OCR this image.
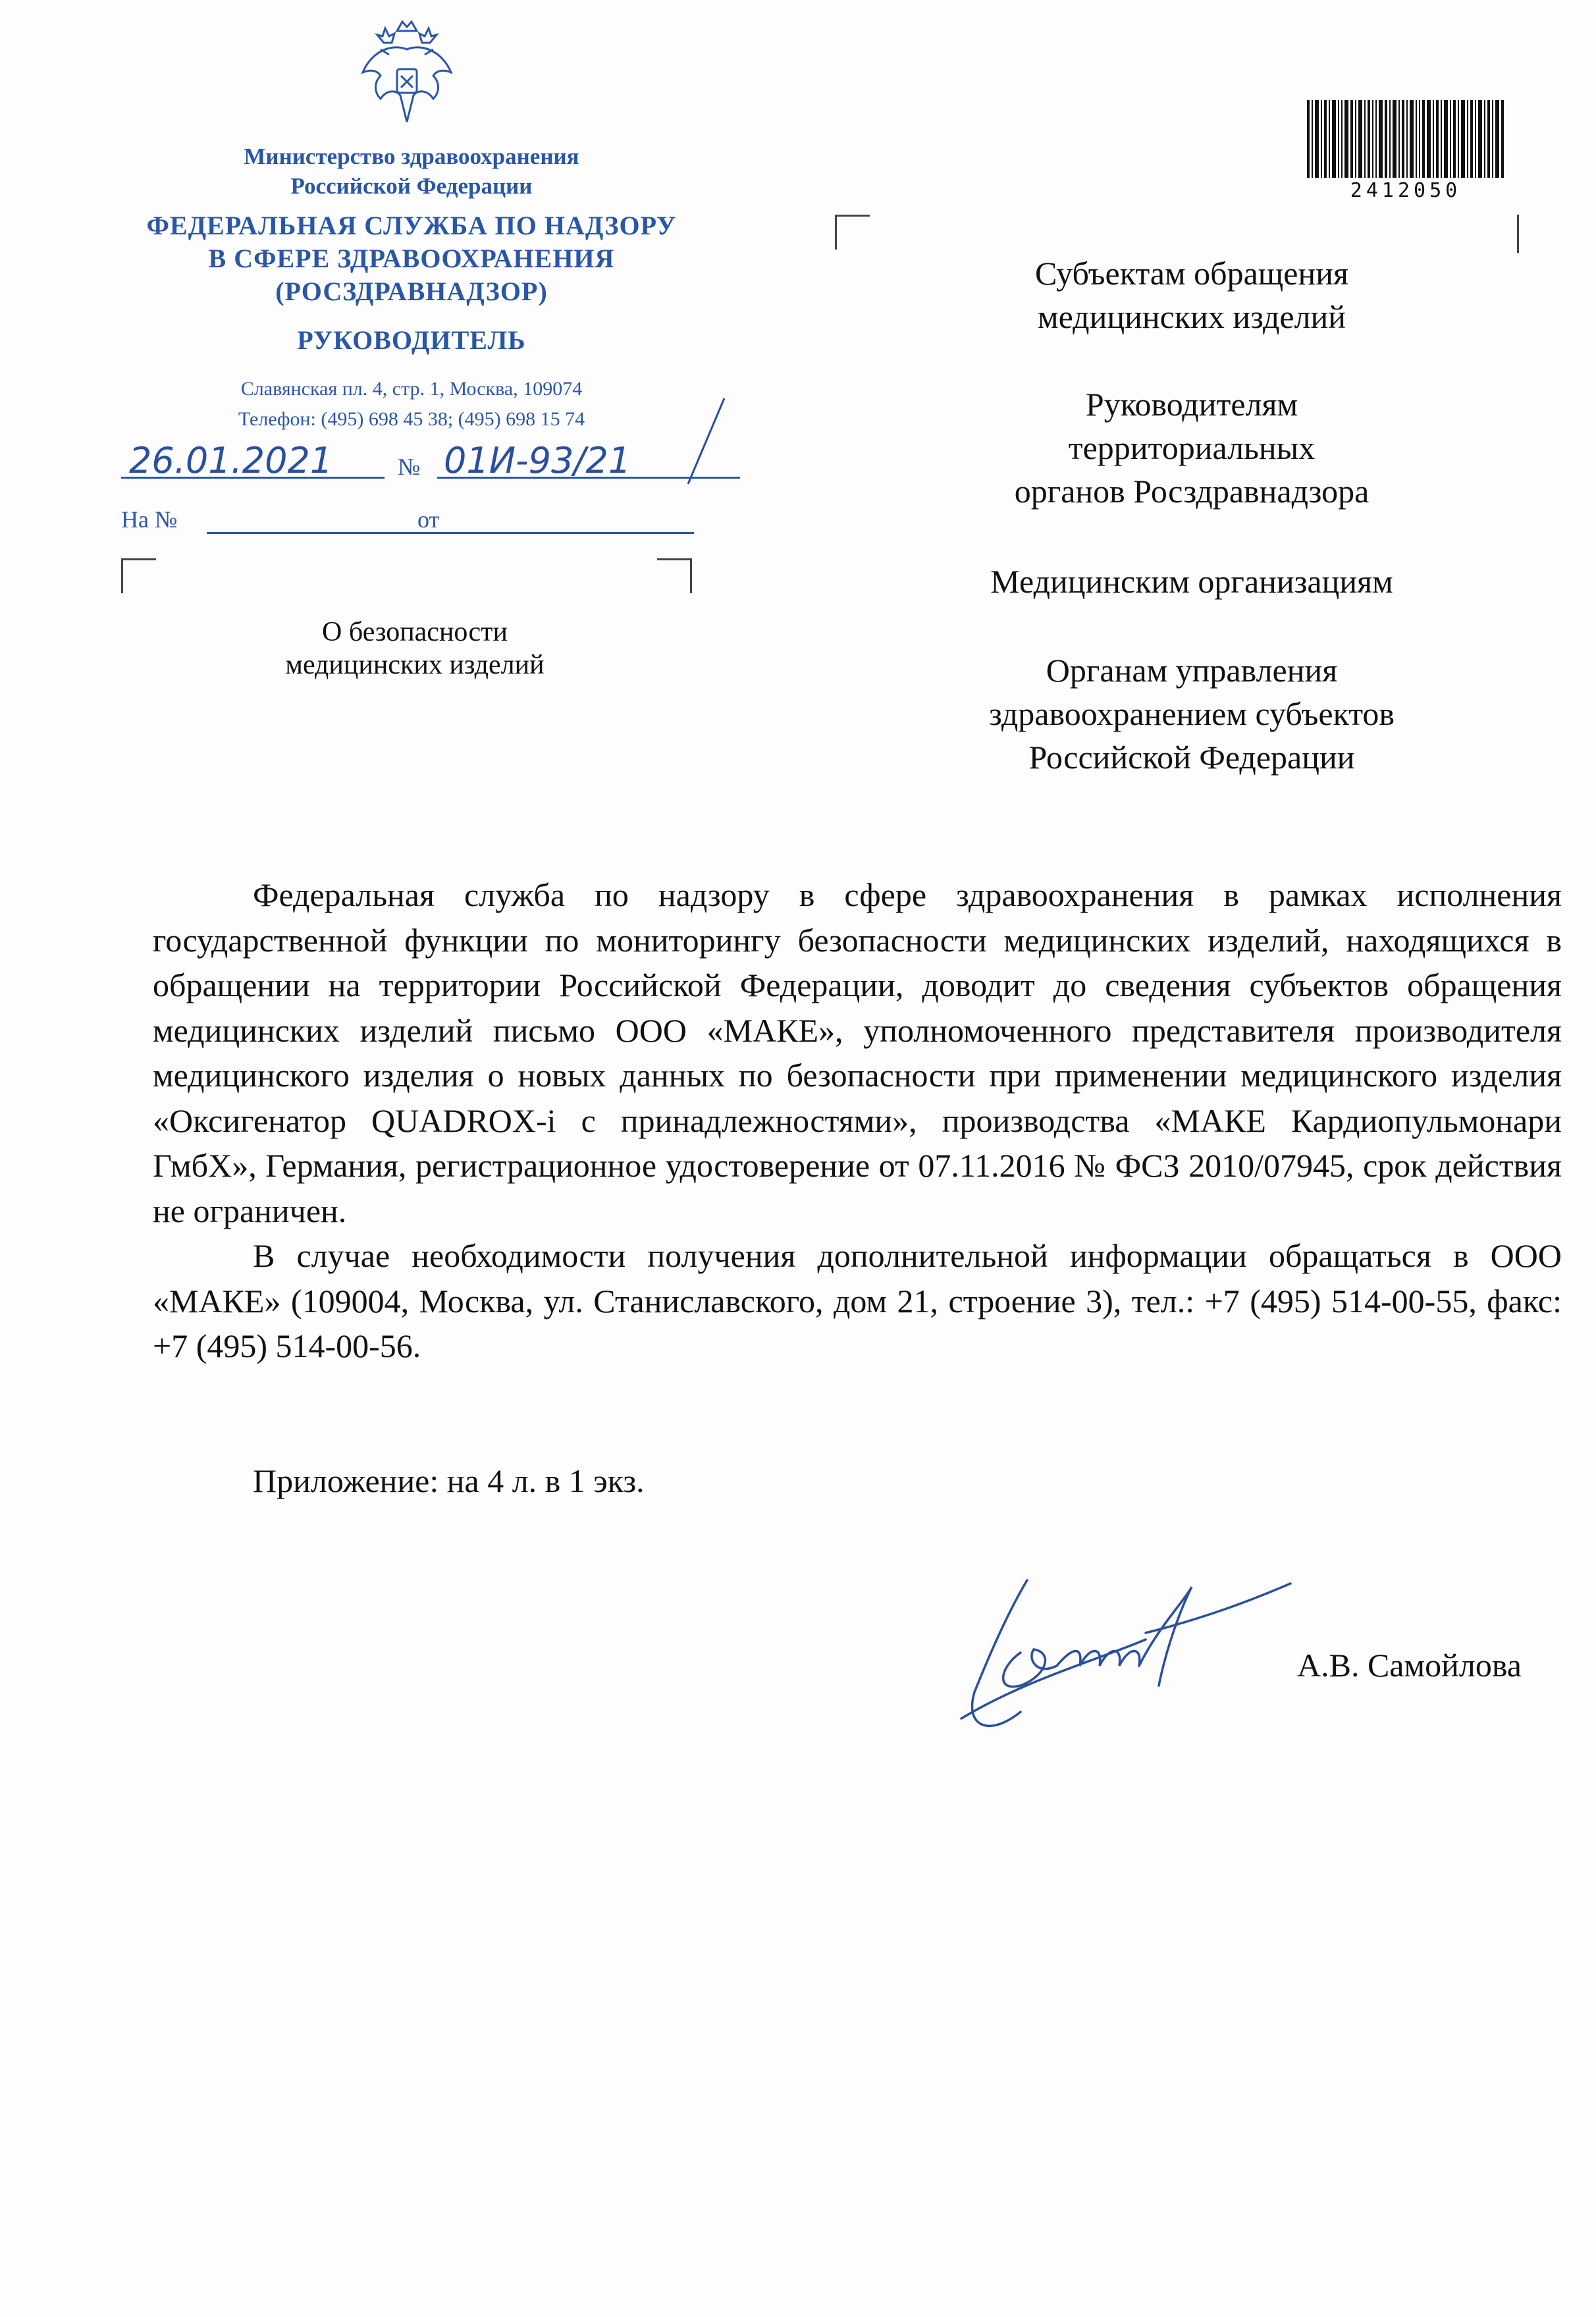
Министерство здравоохранения
Российской Федерации
ФЕДЕРАЛЬНАЯ СЛУЖБА ПО НАДЗОРУ
В СФЕРЕ ЗДРАВООХРАНЕНИЯ
(РОСЗДРАВНАДЗОР)
РУКОВОДИТЕЛЬ
Славянская пл. 4, стр. 1, Москва, 109074
Телефон: (495) 698 45 38; (495) 698 15 74
26.01.2021	№ 01И-93/21
На №	от
О безопасности
медицинских изделий
2412050
Субъектам обращения
медицинских изделий
Руководителям
территориальных
органов Росздравнадзора
Медицинским организациям
Органам управления
здравоохранением субъектов
Российской Федерации

Федеральная служба по надзору в сфере здравоохранения в рамках исполнения государственной функции по мониторингу безопасности медицинских изделий, находящихся в обращении на территории Российской Федерации, доводит до сведения субъектов обращения медицинских изделий письмо ООО «МАКЕ», уполномоченного представителя производителя медицинского изделия о новых данных по безопасности при применении медицинского изделия «Оксигенатор QUADROX-i с принадлежностями», производства «МАКЕ Кардиопульмонари ГмбХ», Германия, регистрационное удостоверение от 07.11.2016 № ФСЗ 2010/07945, срок действия не ограничен.

В случае необходимости получения дополнительной информации обращаться в ООО «МАКЕ» (109004, Москва, ул. Станиславского, дом 21, строение 3), тел.: +7 (495) 514-00-55, факс: +7 (495) 514-00-56.

Приложение: на 4 л. в 1 экз.
А.В. Самойлова
